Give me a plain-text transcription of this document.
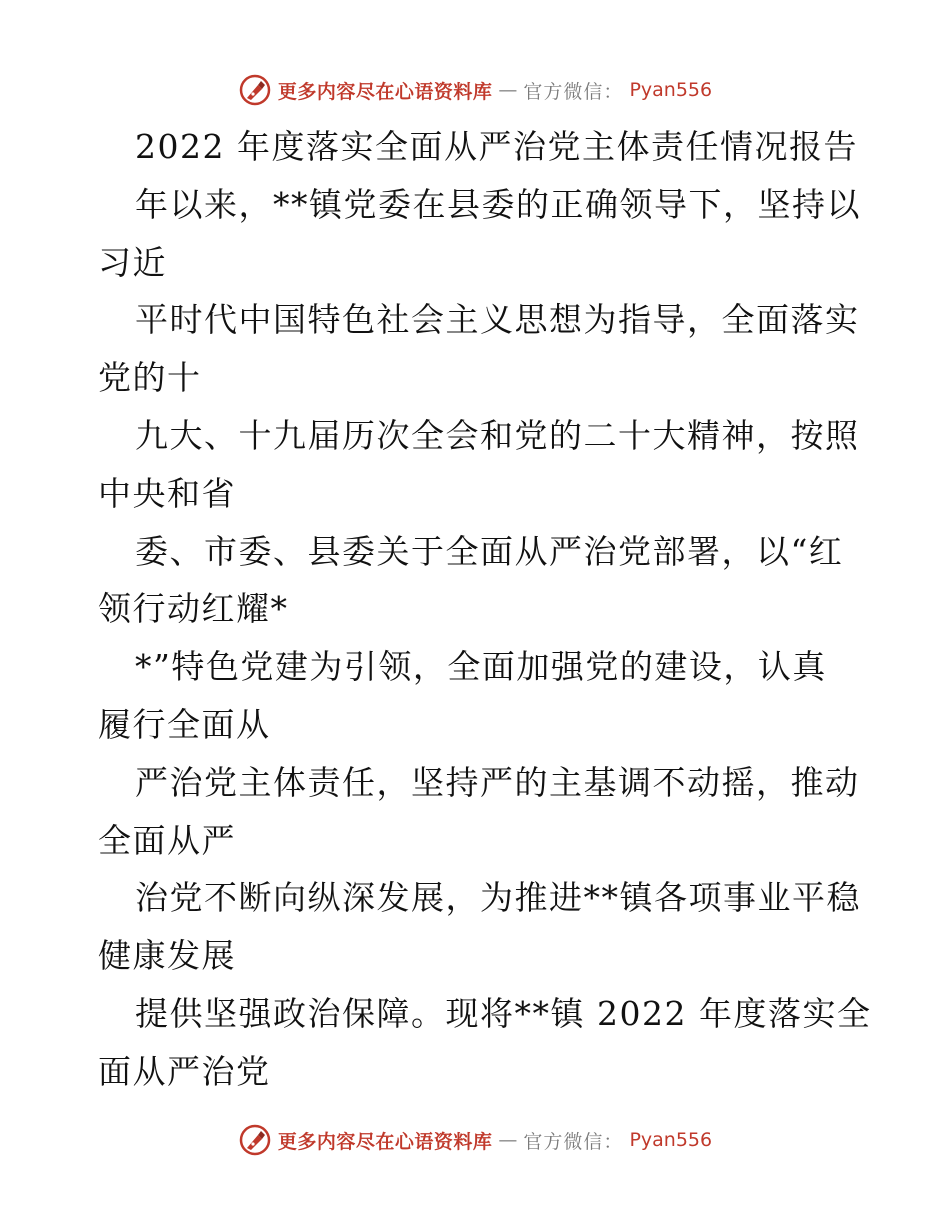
更多内容尽在心语资料库 — 官方微信： Pyan556
2022 年度落实全面从严治党主体责任情况报告
年以来，**镇党委在县委的正确领导下，坚持以
习近
平时代中国特色社会主义思想为指导，全面落实
党的十
九大、十九届历次全会和党的二十大精神，按照
中央和省
委、市委、县委关于全面从严治党部署，以“红
领行动红耀*
*”特色党建为引领，全面加强党的建设，认真
履行全面从
严治党主体责任，坚持严的主基调不动摇，推动
全面从严
治党不断向纵深发展，为推进**镇各项事业平稳
健康发展
提供坚强政治保障。现将**镇 2022 年度落实全
面从严治党
更多内容尽在心语资料库 — 官方微信： Pyan556
